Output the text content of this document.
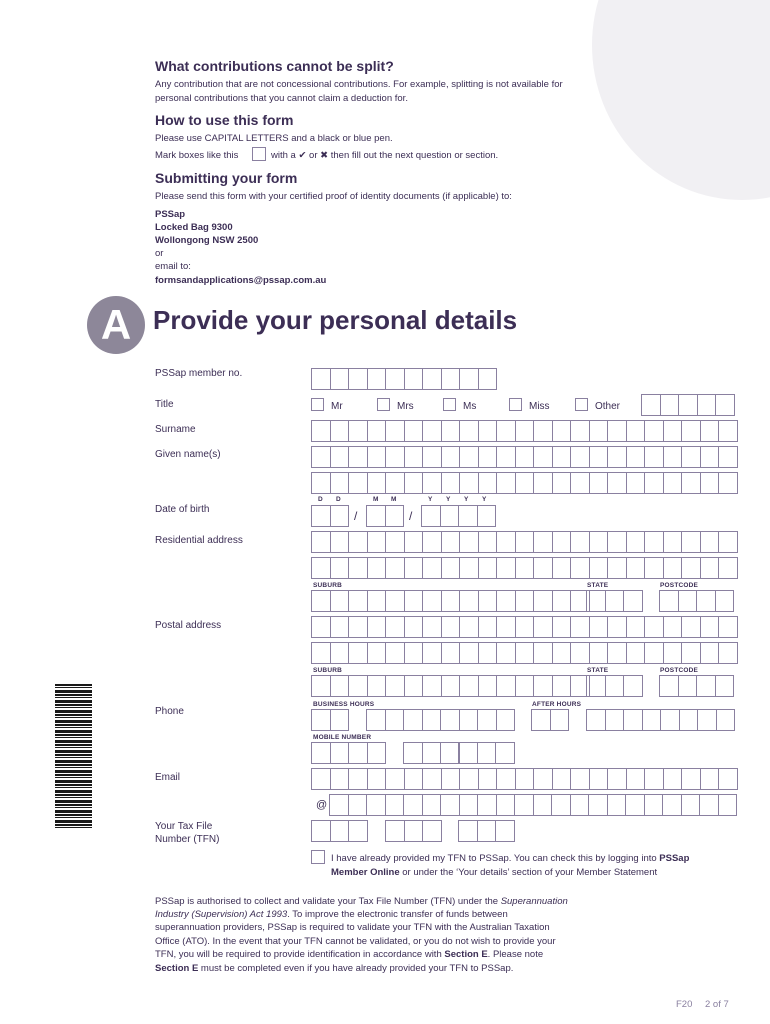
What contributions cannot be split?
Any contribution that are not concessional contributions. For example, splitting is not available for
personal contributions that you cannot claim a deduction for.
How to use this form
Please use CAPITAL LETTERS and a black or blue pen.
Mark boxes like this	with a ✔ or ✖ then fill out the next question or section.
Submitting your form
Please send this form with your certified proof of identity documents (if applicable) to:
PSSap
Locked Bag 9300
Wollongong NSW 2500
or
email to:
formsandapplications@pssap.com.au
A Provide your personal details
PSSap member no.
Title	Mr	Mrs	Ms	Miss	Other
Surname
Given name(s)
D D	M M	Y Y Y Y
Date of birth	/	/
Residential address
SUBURB	STATE	POSTCODE
Postal address
SUBURB	STATE	POSTCODE
BUSINESS HOURS	AFTER HOURS
Phone
MOBILE NUMBER
Email
@
Your Tax File
Number (TFN)
I have already provided my TFN to PSSap. You can check this by logging into PSSap
Member Online or under the ‘Your details’ section of your Member Statement
PSSap is authorised to collect and validate your Tax File Number (TFN) under the Superannuation
Industry (Supervision) Act 1993. To improve the electronic transfer of funds between
superannuation providers, PSSap is required to validate your TFN with the Australian Taxation
Office (ATO). In the event that your TFN cannot be validated, or you do not wish to provide your
TFN, you will be required to provide identification in accordance with Section E. Please note
Section E must be completed even if you have already provided your TFN to PSSap.
F20 2 of 7
